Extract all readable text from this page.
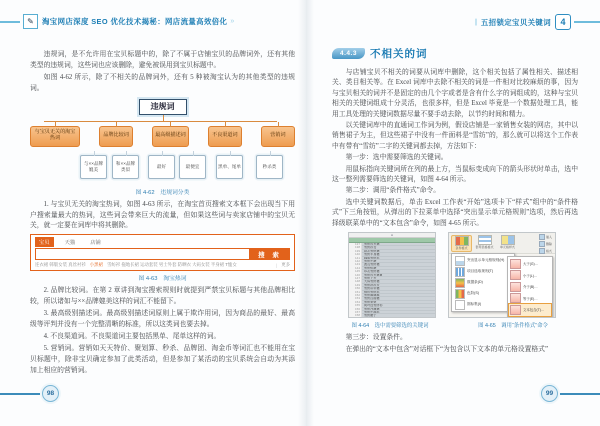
✎	淘宝网店深度 SEO 优化技术揭秘：网店流量高效倍化 »	∥ 五招锁定宝贝关键词	4

违规词，是不允许用在宝贝标题中的，除了不属于店铺宝贝的品牌词外，还有其他类型的违规词，这些词也应该删除，避免被误用到宝贝标题中。

如图 4-62 所示，除了不相关的品牌词外，还有 5 种被淘宝认为的其他类型的违规词。

违规词
与宝贝无关的淘宝热词	品牌比较词	最高级描述词	不良渠道词	营销词
与××品牌媲美
和××品牌类似
最好	最便宜	黑单、尾单	秒杀类
图 4-62　违规词分类

1. 与宝贝无关的淘宝热词，如图 4-63 所示，在淘宝首页搜索文本框下会出现当下用户搜索量最大的热词，这些词会带来巨大的流量，但如果这些词与卖家店铺中的宝贝无关，就一定要在词库中将其删除。

宝贝	天猫	店铺
搜 索
连衣裙 韩版女装 真丝衬衫 小黑裙 雪纺衫 拖地长裙 运动套装 男士外套 防晒衣 大码女装 半身裙 T恤女	| 更多
图 4-63　淘宝热词

2. 品牌比较词。在第 2 章讲到淘宝搜索规则时就提到严禁宝贝标题与其他品牌相比较，所以诸如与××品牌媲美这样的词汇不能留下。

3. 最高级别描述词。最高级别描述词原则上属于欺诈用词，因为商品的最好、最高级等评判并没有一个完整清晰的标准，所以这类词也要去掉。

4. 不良渠道词。不良渠道词主要包括黑单、尾单这样的词。

5. 营销词。营销如天天特价、聚划算、秒杀、品牌团、淘金币等词汇也不能用在宝贝标题中，除非宝贝确定参加了此类活动，但是参加了某活动的宝贝系统会自动为其添加上相应的营销词。

4.4.3	不相关的词

与店铺宝贝不相关的词要从词库中删除，这个相关包括了属性相关、描述相关、类目相关等。在 Excel 词库中去除不相关的词是一件相对比较麻烦的事，因为与宝贝相关的词并不是固定的由几个字或者是含有什么字的词组成的，这种与宝贝相关的关键词组成十分灵活，也很多样，但是 Excel 毕竟是一个数据处理工具，能用工具处理的关键词数据尽量不要手动去除，以节约时间和精力。

以关键词库中的直通词工作词为例，假设店铺是一家销售女装的网店，其中以销售裙子为主，但这些裙子中没有一件面料是“雪纺”的，那么就可以将这个工作表中有带有“雪纺”二字的关键词都去掉，方法如下：

第一步：选中需要筛选的关键词。

用鼠标指向关键词所在列的最上方，当鼠标变成向下的箭头形状时单击，选中这一整列需要筛选的关键词，如图 4-64 所示。

第二步：调用“条件格式”命令。

选中关键词数据后，单击 Excel 工作表“开始”选项卡下“样式”组中的“条件格式”下三角按钮，从弹出的下拉菜单中选择“突出显示单元格规则”选项，然后再选择级联菜单中的“文本包含”命令，如图 4-65 所示。

A
137	雪纺连衣裙
138	雪纺衫女
139	碎花雪纺裙
140	雪纺半身裙
141	韩版雪纺衫
142	雪纺长裙
143	波点雪纺裙
144	雪纺短裙
145	印花雪纺裙
146	雪纺连衣裙夏
147	雪纺上衣
148	大码雪纺裙
149	雪纺衬衫女
150	雪纺吊带裙
151	纯色雪纺衫
152	雪纺阔腿裤
153	雪纺百褶裙
154	雪纺套装
155	荷叶边雪纺衫
156	雪纺沙滩裙
157	雪纺长袖衫
158	雪纺裙子
条件格式	套用表格格式 单元格样式
插入
删除
格式
突出显示单元格规则(H)
项目选取规则(T)
数据条(D)
色阶(S)
图标集(I)
大于(G)…
小于(L)…
介于(B)…
等于(E)…
文本包含(T)…
图 4-64　选中需要筛选的关键词	图 4-65　调用“条件格式”命令

第三步：设置条件。

在弹出的“文本中包含”对话框下“为包含以下文本的单元格设置格式”

98	99
